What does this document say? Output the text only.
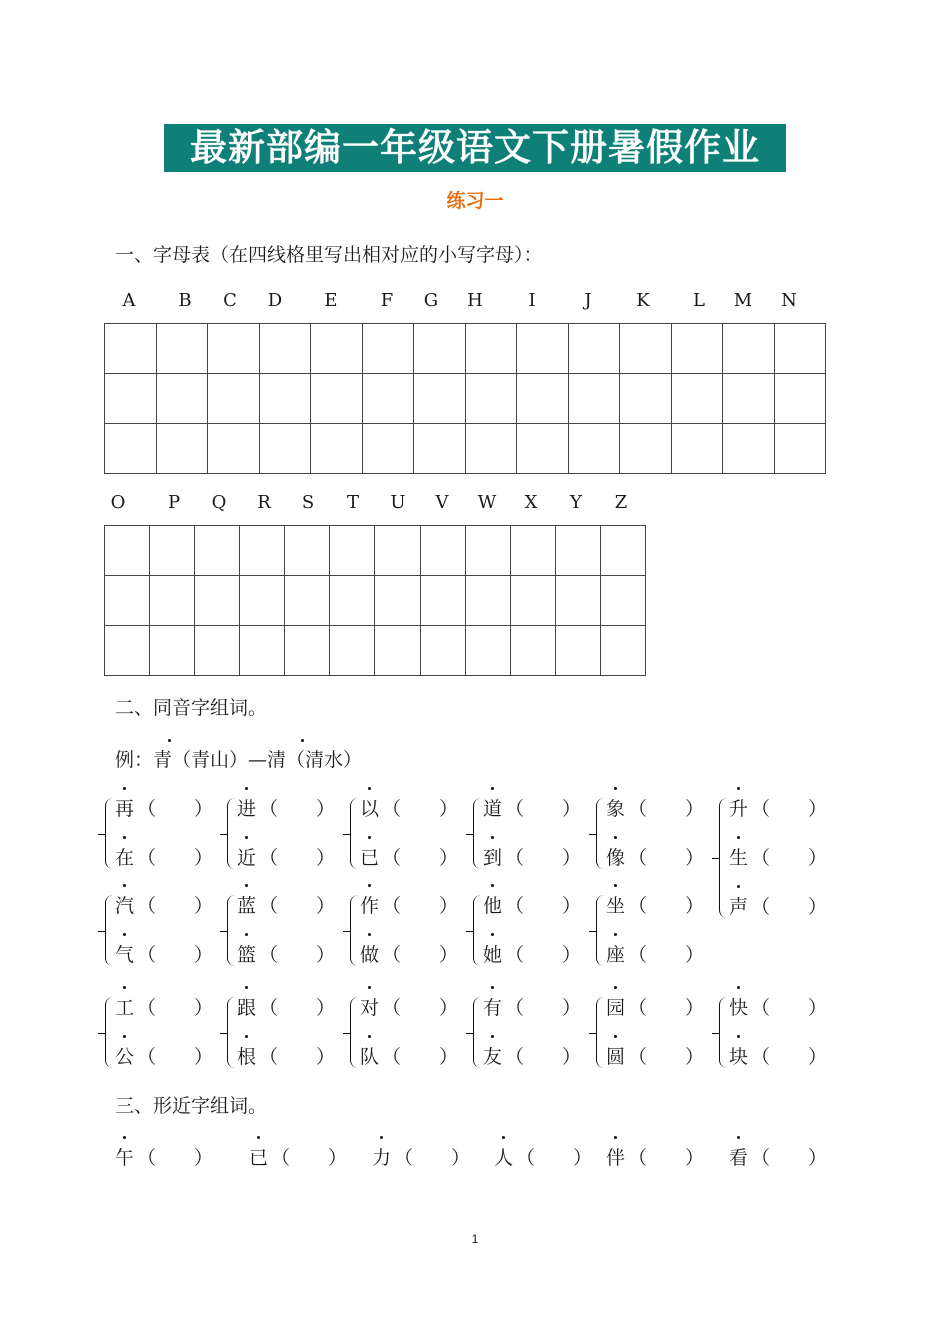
最新部编一年级语文下册暑假作业
练习一
一、字母表（在四线格里写出相对应的小写字母）：
A B C D E F G H	I	J	K L M N

O P Q R S T U V W X Y Z

二、同音字组词。
例：青（青山）—清（清水）
再 （　　）
在 （　　）
进 （　　）
近 （　　）
以 （　　）
已 （　　）
道 （　　）
到 （　　）
象 （　　）
像 （　　）
升 （　　）
生 （　　）
声 （　　）
汽 （　　）
气 （　　）
蓝 （　　）
篮 （　　）
作 （　　）
做 （　　）
他 （　　）
她 （　　）
坐 （　　）
座 （　　）
工 （　　）
公 （　　）
跟 （　　）
根 （　　）
对 （　　）
队 （　　）
有 （　　）
友 （　　）
园 （　　）
圆 （　　）
快 （　　）
块 （　　）
三、形近字组词。
午 （　　） 已 （　　） 力 （　　） 人 （　　） 伴 （　　） 看 （　　）
1
